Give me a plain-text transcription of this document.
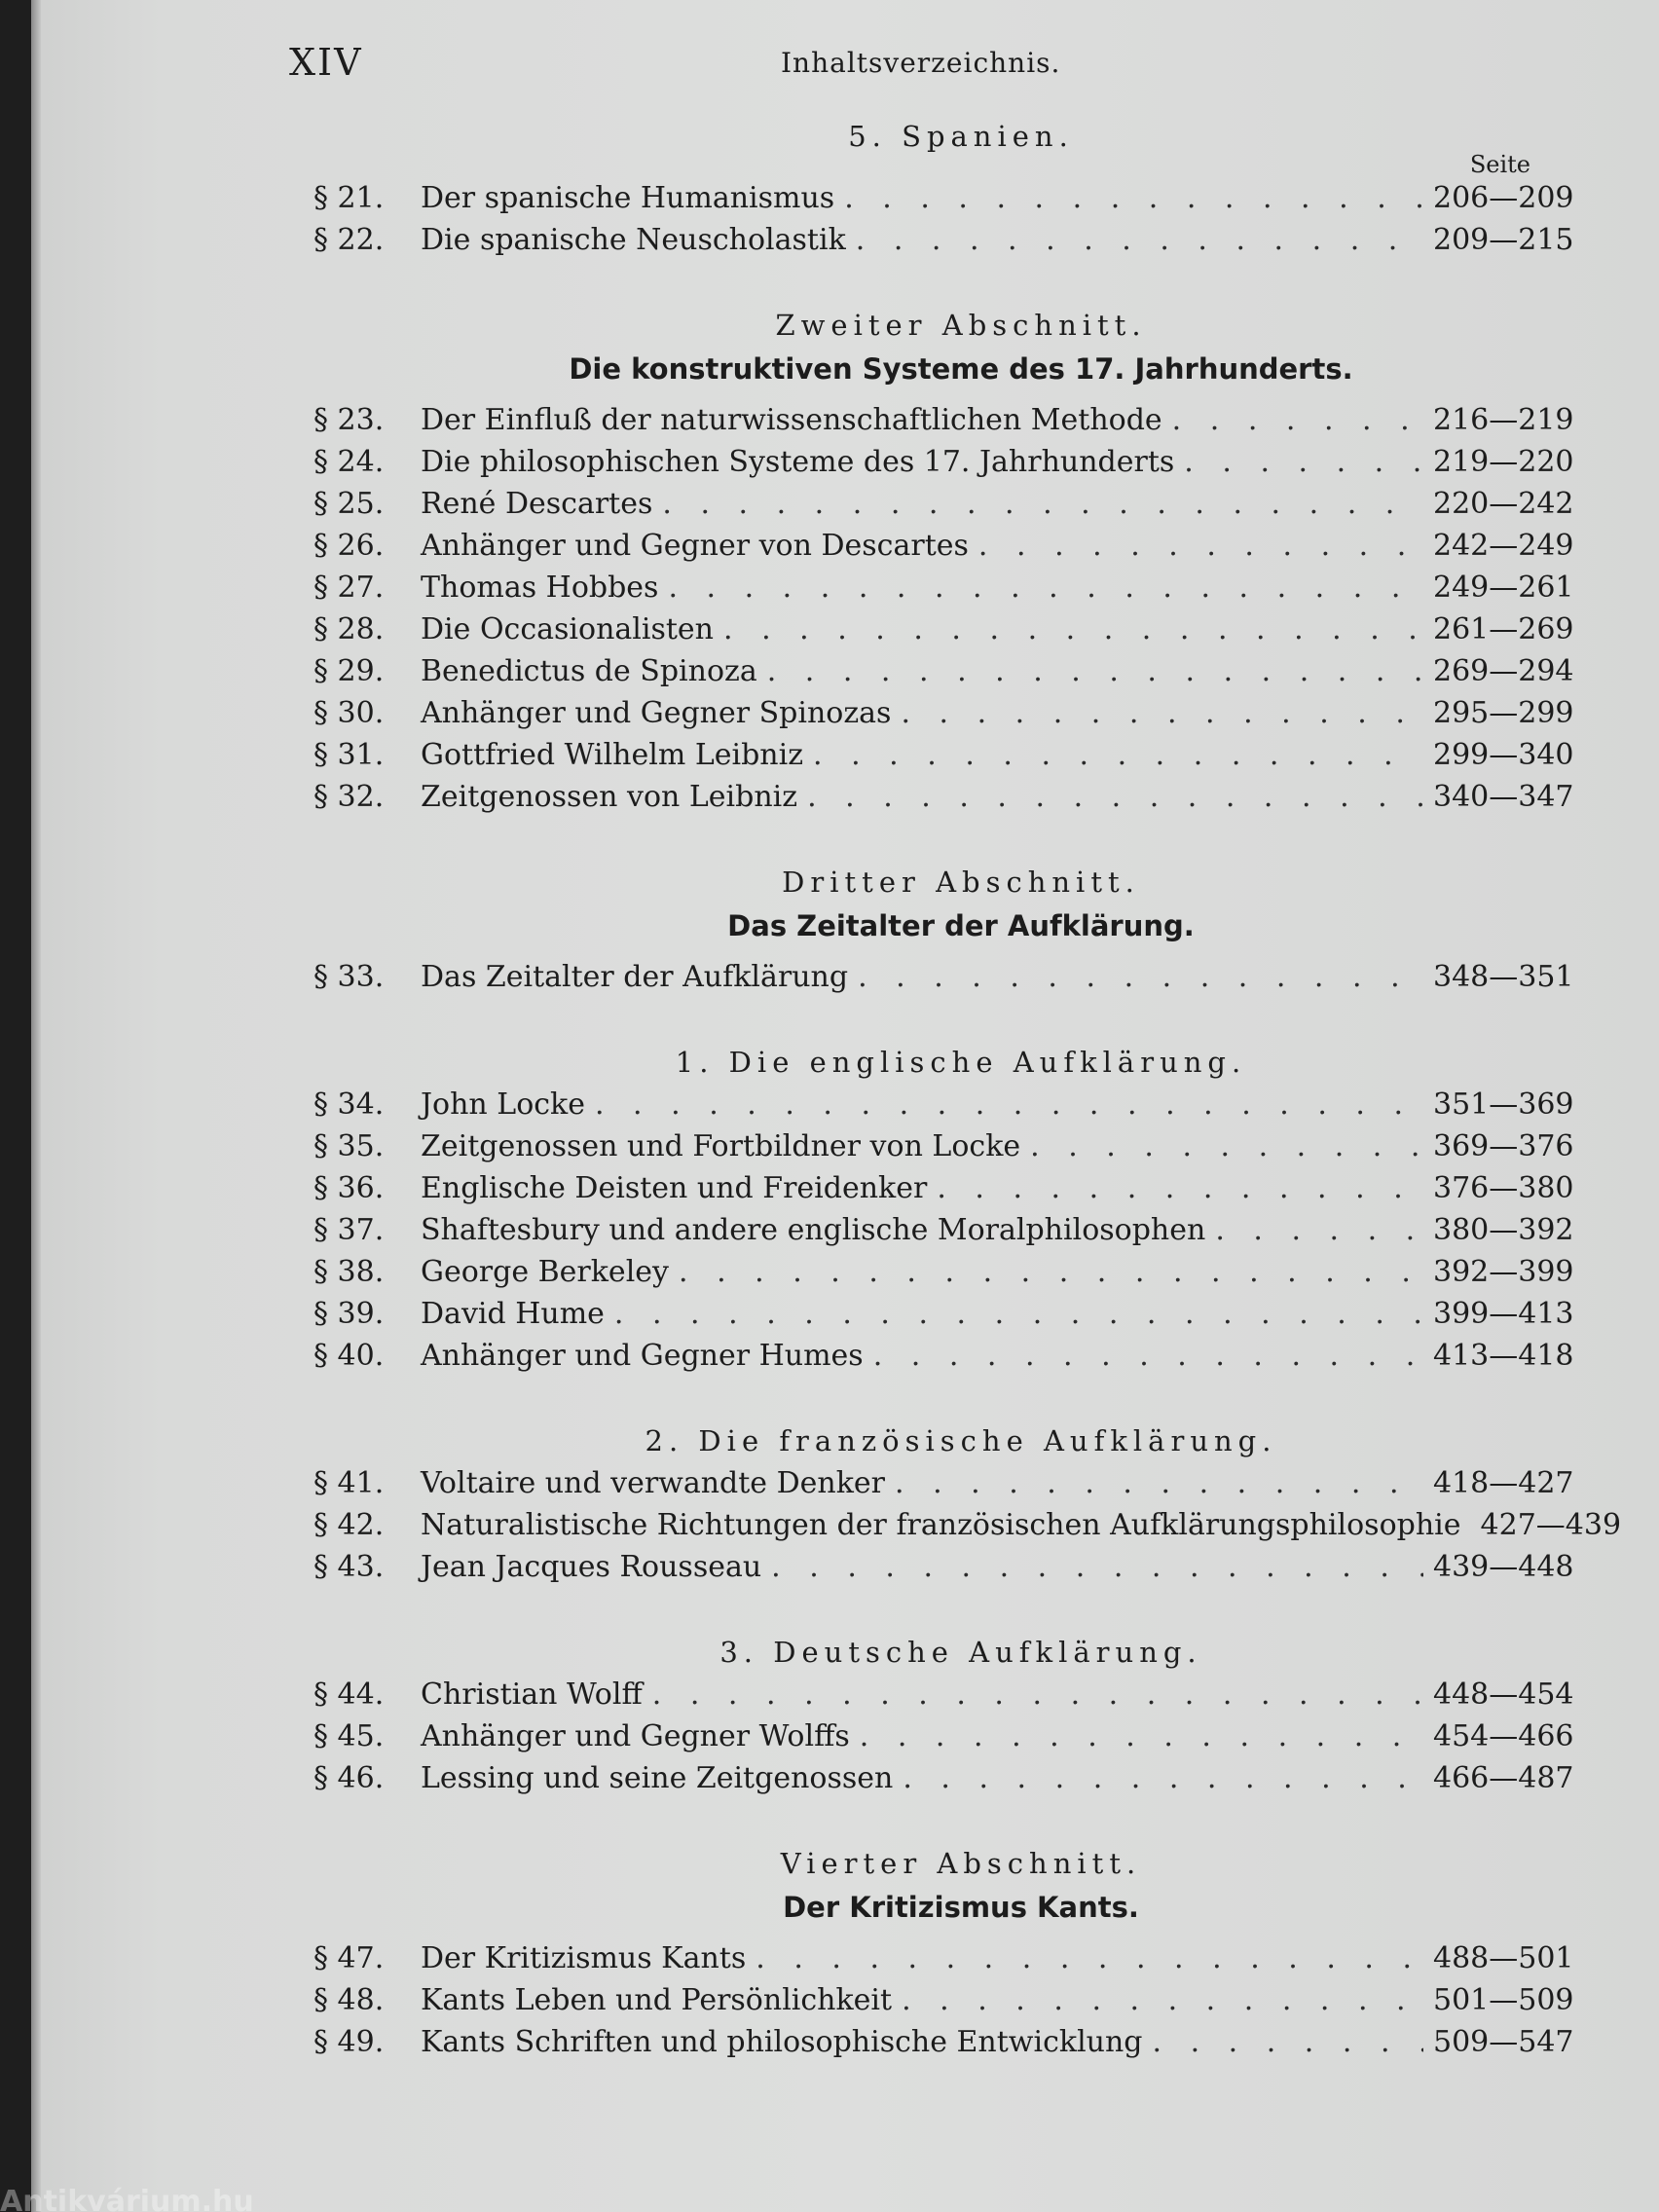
XIV	Inhaltsverzeichnis.
5. Spanien.
Seite
§ 21.	Der spanische Humanismus . . .	206—209
§ 22.	Die spanische Neuscholastik . . .	209—215
Zweiter Abschnitt.
Die konstruktiven Systeme des 17. Jahrhunderts.
§ 23.	Der Einfluß der naturwissenschaftlichen Methode . . .	216—219
§ 24.	Die philosophischen Systeme des 17. Jahrhunderts . . .	219—220
§ 25.	René Descartes . . .	220—242
§ 26.	Anhänger und Gegner von Descartes . . .	242—249
§ 27.	Thomas Hobbes . . .	249—261
§ 28.	Die Occasionalisten . . .	261—269
§ 29.	Benedictus de Spinoza . . .	269—294
§ 30.	Anhänger und Gegner Spinozas . . .	295—299
§ 31.	Gottfried Wilhelm Leibniz . . .	299—340
§ 32.	Zeitgenossen von Leibniz . . .	340—347
Dritter Abschnitt.
Das Zeitalter der Aufklärung.
§ 33.	Das Zeitalter der Aufklärung . . .	348—351
1. Die englische Aufklärung.
§ 34.	John Locke . . .	351—369
§ 35.	Zeitgenossen und Fortbildner von Locke . . .	369—376
§ 36.	Englische Deisten und Freidenker . . .	376—380
§ 37.	Shaftesbury und andere englische Moralphilosophen . . .	380—392
§ 38.	George Berkeley . . .	392—399
§ 39.	David Hume . . .	399—413
§ 40.	Anhänger und Gegner Humes . . .	413—418
2. Die französische Aufklärung.
§ 41.	Voltaire und verwandte Denker . . .	418—427
§ 42.	Naturalistische Richtungen der französischen Aufklärungsphilosophie 427—439
§ 43.	Jean Jacques Rousseau . . .	439—448
3. Deutsche Aufklärung.
§ 44.	Christian Wolff . . .	448—454
§ 45.	Anhänger und Gegner Wolffs . . .	454—466
§ 46.	Lessing und seine Zeitgenossen . . .	466—487
Vierter Abschnitt.
Der Kritizismus Kants.
§ 47.	Der Kritizismus Kants . . .	488—501
§ 48.	Kants Leben und Persönlichkeit . . .	501—509
§ 49.	Kants Schriften und philosophische Entwicklung . . .	509—547
Antikvárium.hu
